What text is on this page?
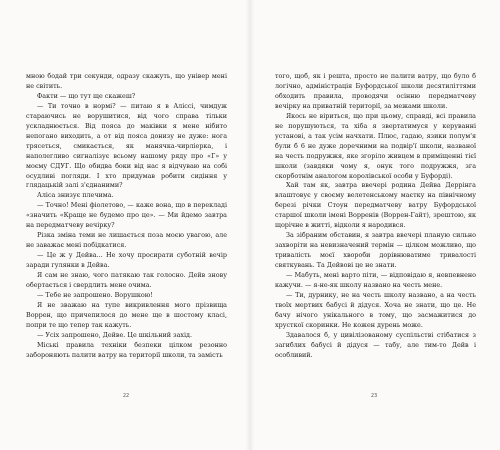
мною бодай три секунди, одразу скажуть, що універ мені не світить.

Факти — що тут ще скажеш?

— Ти точно в нормі? — питаю я в Аліссі, чимдуж стараючись не ворушитися, від чого справа тільки ускладнюється. Від пояса до маківки я мене нібито непогано виходить, а от від пояса донизу не дуже: нога трясеться, смикається, як манячка-чирліерка, і наполегливо сигналізує всьому нашому ряду про «Г» у моєму СДУГ. Що обидва боки від нас я відчуваю на собі осудливі погляди. І хто придумав робити сидіння у глядацькій залі з'єднаними?

Аліса знизує плечима.

— Точно! Мені фіолетово, — каже вона, що в перекладі «значить «Краще не будемо про це». — Ми йдемо завтра на передматчеву вечірку?

Різка зміна теми не лишається поза моєю увагою, але не заважає мені побідкатися.

— Це ж у Дейва... Не хочу просирати суботній вечір заради гулянки в Дейва.

Я сам не знаю, чого патякаю так голосно. Дейв знову обертається і свердлить мене очима.

— Тебе не запрошено. Ворушкою!

Я не зважаю на тупе викривлення мого прізвища Воррен, що причепилося до мене ще в шостому класі, попри те що тепер так кажуть.

— Усіх запрошено, Дейве. Це шкільний захід.

Міські правила техніки безпеки цілком резонно забороняють палити ватру на території школи, та замість

22

того, щоб, як і решта, просто не палити ватру, що було б логічно, адміністрація Буфордської школи десятиліттями обходить правила, проводячи осінню передматчеву вечірку на приватній території, за межами школи.

Якось не віриться, що при цьому, справді, всі правила не порушуються, та хіба я звертатимуся у керуванні установі, а так усім начхати. Плюс, гадаю, язики полум'я були б 6 не дуже доречними на подвір'ї школи, названої на честь подружжя, яке згоріло живцем в приміщенні тієї школи (завдяки чому я, онук того подружжя, зга скорботнім аналогом королівської особи у Буфорді).

Хай там як, завтра ввечері родина Дейва Деррінга влаштовує у своєму велетенському маєтку на північному березі річки Стоун передматчеву ватру Буфордської старшої школи імені Ворренів (Воррен-Гайт), зрештою, як щорічне в житті, відколи я народився.

За зібраним обставин, я завтра ввечері планую сильно захворіти на невизначений термін — цілком можливо, що тривалість моєї хвороби дорівнюватиме тривалості святкувань. Та Дейвові це не знати.

— Мабуть, мені варто піти, — відповідаю я, невпевнено кажучи. — я-не-як школу названо на честь мене.

— Ти, дурнику, не на честь школу названо, а на честь твоїх мертвих бабусі й дідуся. Хоча не знати, що це. Не бачу нічого унікального в тому, що засмажитися до хрусткої скоринки. Не кожен дурень може.

Здавалося б, у цивілізованому суспільстві стібатися з загиблих бабусі й дідуся — табу, але тим-то Дейв і особливий.

23
